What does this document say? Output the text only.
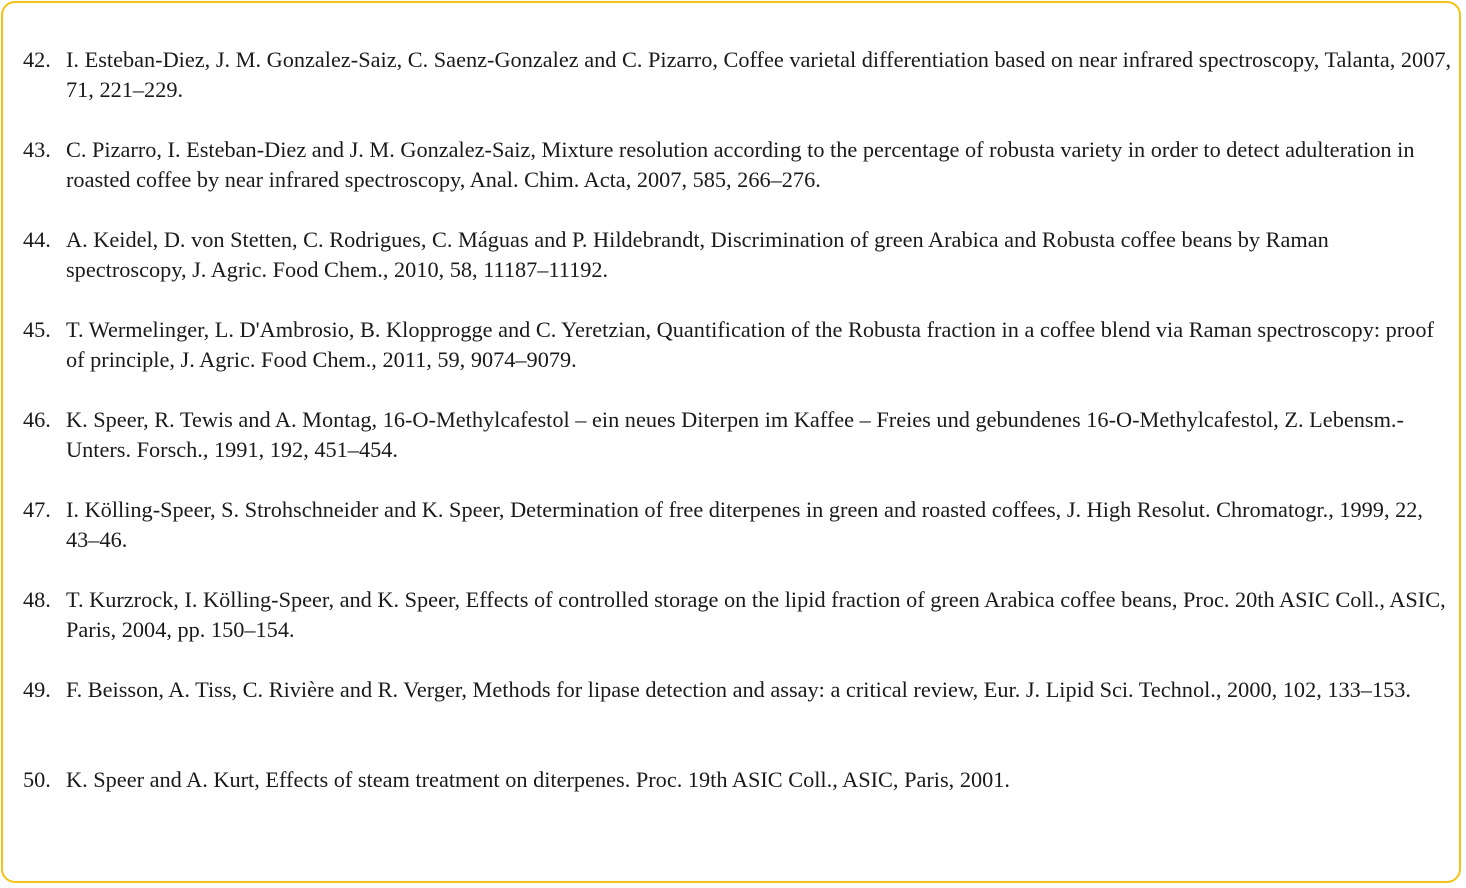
42. I. Esteban-Diez, J. M. Gonzalez-Saiz, C. Saenz-Gonzalez and C. Pizarro, Coffee varietal differentiation based on near infrared spectroscopy, Talanta, 2007, 71, 221–229.
43. C. Pizarro, I. Esteban-Diez and J. M. Gonzalez-Saiz, Mixture resolution according to the percentage of robusta variety in order to detect adulteration in roasted coffee by near infrared spectroscopy, Anal. Chim. Acta, 2007, 585, 266–276.
44. A. Keidel, D. von Stetten, C. Rodrigues, C. Máguas and P. Hildebrandt, Discrimination of green Arabica and Robusta coffee beans by Raman spectroscopy, J. Agric. Food Chem., 2010, 58, 11187–11192.
45. T. Wermelinger, L. D'Ambrosio, B. Klopprogge and C. Yeretzian, Quantification of the Robusta fraction in a coffee blend via Raman spectroscopy: proof of principle, J. Agric. Food Chem., 2011, 59, 9074–9079.
46. K. Speer, R. Tewis and A. Montag, 16-O-Methylcafestol – ein neues Diterpen im Kaffee – Freies und gebundenes 16-O-Methylcafestol, Z. Lebensm.-Unters. Forsch., 1991, 192, 451–454.
47. I. Kölling-Speer, S. Strohschneider and K. Speer, Determination of free diterpenes in green and roasted coffees, J. High Resolut. Chromatogr., 1999, 22, 43–46.
48. T. Kurzrock, I. Kölling-Speer, and K. Speer, Effects of controlled storage on the lipid fraction of green Arabica coffee beans, Proc. 20th ASIC Coll., ASIC, Paris, 2004, pp. 150–154.
49. F. Beisson, A. Tiss, C. Rivière and R. Verger, Methods for lipase detection and assay: a critical review, Eur. J. Lipid Sci. Technol., 2000, 102, 133–153.
50. K. Speer and A. Kurt, Effects of steam treatment on diterpenes. Proc. 19th ASIC Coll., ASIC, Paris, 2001.
